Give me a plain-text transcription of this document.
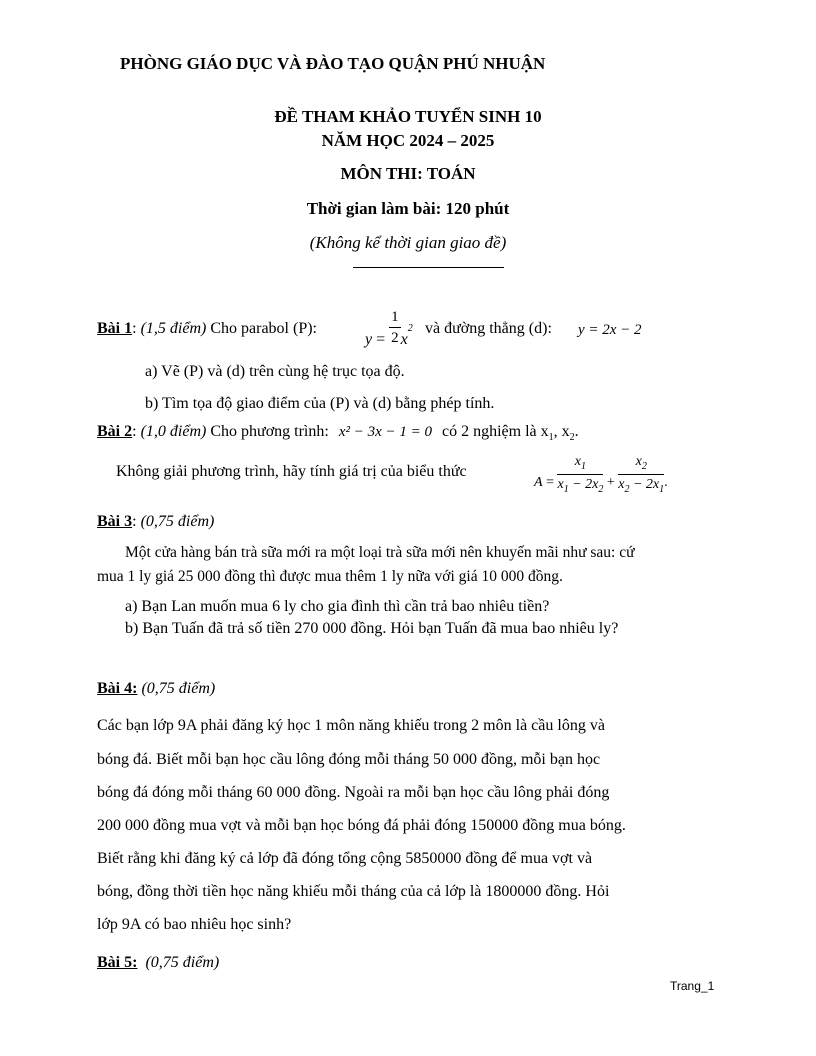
PHÒNG GIÁO DỤC VÀ ĐÀO TẠO QUẬN PHÚ NHUẬN
ĐỀ THAM KHẢO TUYỂN SINH 10
NĂM HỌC 2024 – 2025
MÔN THI: TOÁN
Thời gian làm bài: 120 phút
(Không kể thời gian giao đề)
Bài 1: (1,5 điểm) Cho parabol (P):
$y = \frac{1}{2} x^2$ và đường thẳng (d): y = 2x − 2
a) Vẽ (P) và (d) trên cùng hệ trục tọa độ.
b) Tìm tọa độ giao điểm của (P) và (d) bằng phép tính.
Bài 2: (1,0 điểm) Cho phương trình: x² − 3x − 1 = 0 có 2 nghiệm là $x_1$, $x_2$.
Không giải phương trình, hãy tính giá trị của biểu thức
$A = \frac{x_1}{x_1 - 2x_2} + \frac{x_2}{x_2 - 2x_1}$ .
Bài 3: (0,75 điểm)
Một cửa hàng bán trà sữa mới ra một loại trà sữa mới nên khuyến mãi như sau: cứ
mua 1 ly giá 25 000 đồng thì được mua thêm 1 ly nữa với giá 10 000 đồng.
a) Bạn Lan muốn mua 6 ly cho gia đình thì cần trả bao nhiêu tiền?
b) Bạn Tuấn đã trả số tiền 270 000 đồng. Hỏi bạn Tuấn đã mua bao nhiêu ly?
Bài 4: (0,75 điểm)
Các bạn lớp 9A phải đăng ký học 1 môn năng khiếu trong 2 môn là cầu lông và
bóng đá. Biết mỗi bạn học cầu lông đóng mỗi tháng 50 000 đồng, mỗi bạn học
bóng đá đóng mỗi tháng 60 000 đồng. Ngoài ra mỗi bạn học cầu lông phải đóng
200 000 đồng mua vợt và mỗi bạn học bóng đá phải đóng 150000 đồng mua bóng.
Biết rằng khi đăng ký cả lớp đã đóng tổng cộng 5850000 đồng để mua vợt và
bóng, đồng thời tiền học năng khiếu mỗi tháng của cả lớp là 1800000 đồng. Hỏi
lớp 9A có bao nhiêu học sinh?
Bài 5: (0,75 điểm)
Trang_1
